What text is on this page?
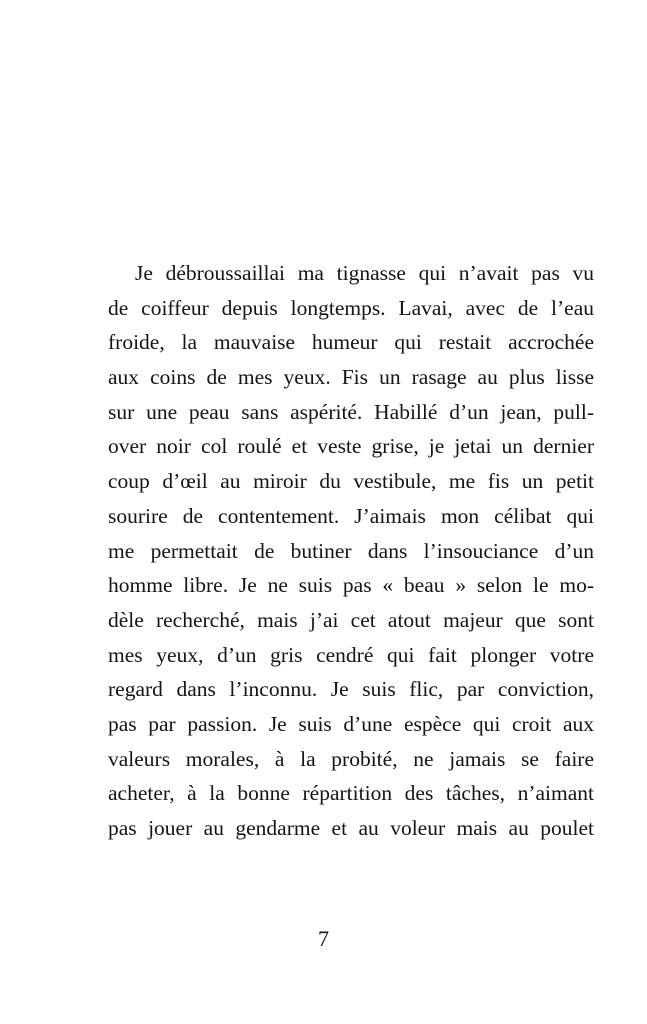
Je débroussaillai ma tignasse qui n’avait pas vu
de coiffeur depuis longtemps. Lavai, avec de l’eau
froide, la mauvaise humeur qui restait accrochée
aux coins de mes yeux. Fis un rasage au plus lisse
sur une peau sans aspérité. Habillé d’un jean, pull-
over noir col roulé et veste grise, je jetai un dernier
coup d’œil au miroir du vestibule, me fis un petit
sourire de contentement. J’aimais mon célibat qui
me permettait de butiner dans l’insouciance d’un
homme libre. Je ne suis pas « beau » selon le mo-
dèle recherché, mais j’ai cet atout majeur que sont
mes yeux, d’un gris cendré qui fait plonger votre
regard dans l’inconnu. Je suis flic, par conviction,
pas par passion. Je suis d’une espèce qui croit aux
valeurs morales, à la probité, ne jamais se faire
acheter, à la bonne répartition des tâches, n’aimant
pas jouer au gendarme et au voleur mais au poulet
7
